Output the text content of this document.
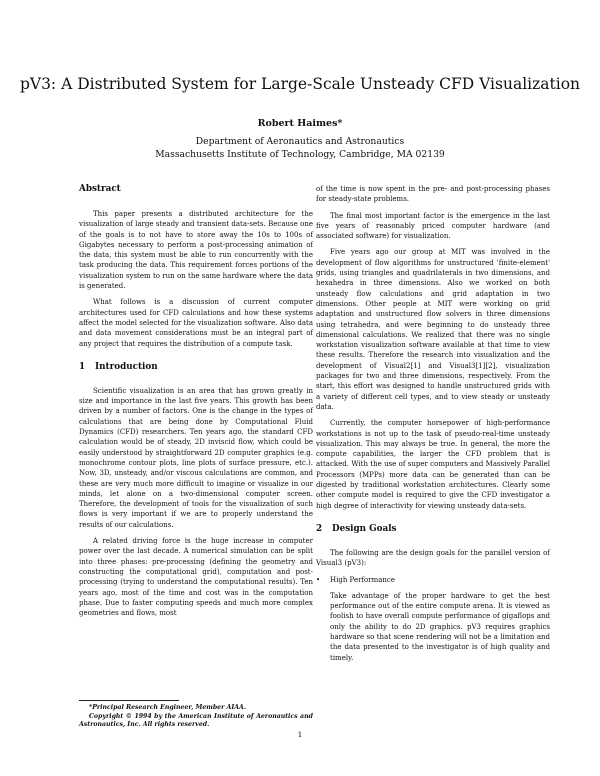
pV3: A Distributed System for Large-Scale Unsteady CFD Visualization
Robert Haimes*
Department of Aeronautics and Astronautics
Massachusetts Institute of Technology, Cambridge, MA 02139
Abstract

This paper presents a distributed architecture for the visualization of large steady and transient data-sets. Because one of the goals is to not have to store away the 10s to 100s of Gigabytes necessary to perform a post-processing animation of the data, this system must be able to run concurrently with the task producing the data. This requirement forces portions of the visualization system to run on the same hardware where the data is generated.

What follows is a discussion of current computer architectures used for CFD calculations and how these systems affect the model selected for the visualization software. Also data and data movement considerations must be an integral part of any project that requires the distribution of a compute task.

1 Introduction

Scientific visualization is an area that has grown greatly in size and importance in the last five years. This growth has been driven by a number of factors. One is the change in the types of calculations that are being done by Computational Fluid Dynamics (CFD) researchers. Ten years ago, the standard CFD calculation would be of steady, 2D inviscid flow, which could be easily understood by straightforward 2D computer graphics (e.g. monochrome contour plots, line plots of surface pressure, etc.). Now, 3D, unsteady, and/or viscous calculations are common, and these are very much more difficult to imagine or visualize in our minds, let alone on a two-dimensional computer screen. Therefore, the development of tools for the visualization of such flows is very important if we are to properly understand the results of our calculations.

A related driving force is the huge increase in computer power over the last decade. A numerical simulation can be split into three phases: pre-processing (defining the geometry and constructing the computational grid), computation and post-processing (trying to understand the computational results). Ten years ago, most of the time and cost was in the computation phase. Due to faster computing speeds and much more complex geometries and flows, most

of the time is now spent in the pre- and post-processing phases for steady-state problems.

The final most important factor is the emergence in the last five years of reasonably priced computer hardware (and associated software) for visualization.

Five years ago our group at MIT was involved in the development of flow algorithms for unstructured 'finite-element' grids, using triangles and quadrilaterals in two dimensions, and hexahedra in three dimensions. Also we worked on both unsteady flow calculations and grid adaptation in two dimensions. Other people at MIT were working on grid adaptation and unstructured flow solvers in three dimensions using tetrahedra, and were beginning to do unsteady three dimensional calculations. We realized that there was no single workstation visualization software available at that time to view these results. Therefore the research into visualization and the development of Visual2[1] and Visual3[1][2], visualization packages for two and three dimensions, respectively. From the start, this effort was designed to handle unstructured grids with a variety of different cell types, and to view steady or unsteady data.

Currently, the computer horsepower of high-performance workstations is not up to the task of pseudo-real-time unsteady visualization. This may always be true. In general, the more the compute capabilities, the larger the CFD problem that is attacked. With the use of super computers and Massively Parallel Processors (MPPs) more data can be generated than can be digested by traditional workstation architectures. Clearly some other compute model is required to give the CFD investigator a high degree of interactivity for viewing unsteady data-sets.

2 Design Goals

The following are the design goals for the parallel version of Visual3 (pV3):

• High Performance

Take advantage of the proper hardware to get the best performance out of the entire compute arena. It is viewed as foolish to have overall compute performance of gigaflops and only the ability to do 2D graphics. pV3 requires graphics hardware so that scene rendering will not be a limitation and the data presented to the investigator is of high quality and timely.

*Principal Research Engineer, Member AIAA.

Copyright © 1994 by the American Institute of Aeronautics and Astronautics, Inc. All rights reserved.

1
